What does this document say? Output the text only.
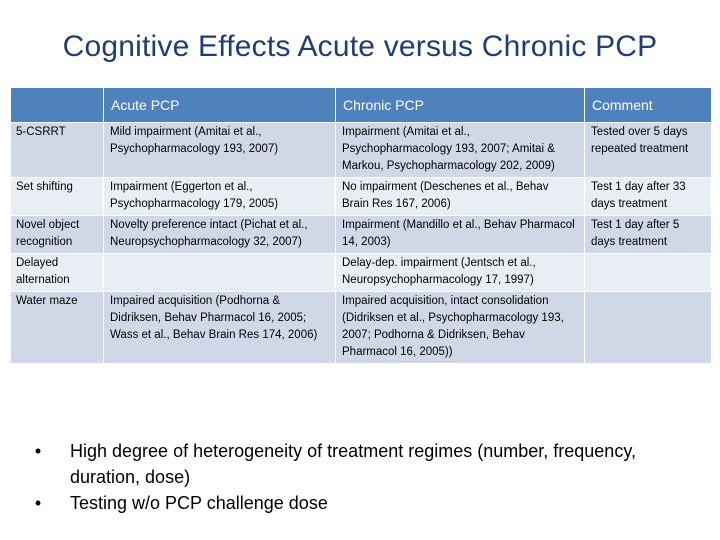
Cognitive Effects Acute versus Chronic PCP
	Acute PCP	Chronic PCP	Comment
5-CSRRT	Mild impairment (Amitai et al., Psychopharmacology 193, 2007)	Impairment (Amitai et al., Psychopharmacology 193, 2007; Amitai & Markou, Psychopharmacology 202, 2009)	Tested over 5 days repeated treatment
Set shifting	Impairment (Eggerton et al., Psychopharmacology 179, 2005)	No impairment (Deschenes et al., Behav Brain Res 167, 2006)	Test 1 day after 33 days treatment
Novel object recognition	Novelty preference intact (Pichat et al., Neuropsychopharmacology 32, 2007)	Impairment (Mandillo et al., Behav Pharmacol 14, 2003)	Test 1 day after 5 days treatment
Delayed alternation		Delay-dep. impairment (Jentsch et al., Neuropsychopharmacology 17, 1997)	
Water maze	Impaired acquisition (Podhorna & Didriksen, Behav Pharmacol 16, 2005; Wass et al., Behav Brain Res 174, 2006)	Impaired acquisition, intact consolidation (Didriksen et al., Psychopharmacology 193, 2007; Podhorna & Didriksen, Behav Pharmacol 16, 2005))	
•	High degree of heterogeneity of treatment regimes (number, frequency, duration, dose)
•	Testing w/o PCP challenge dose
